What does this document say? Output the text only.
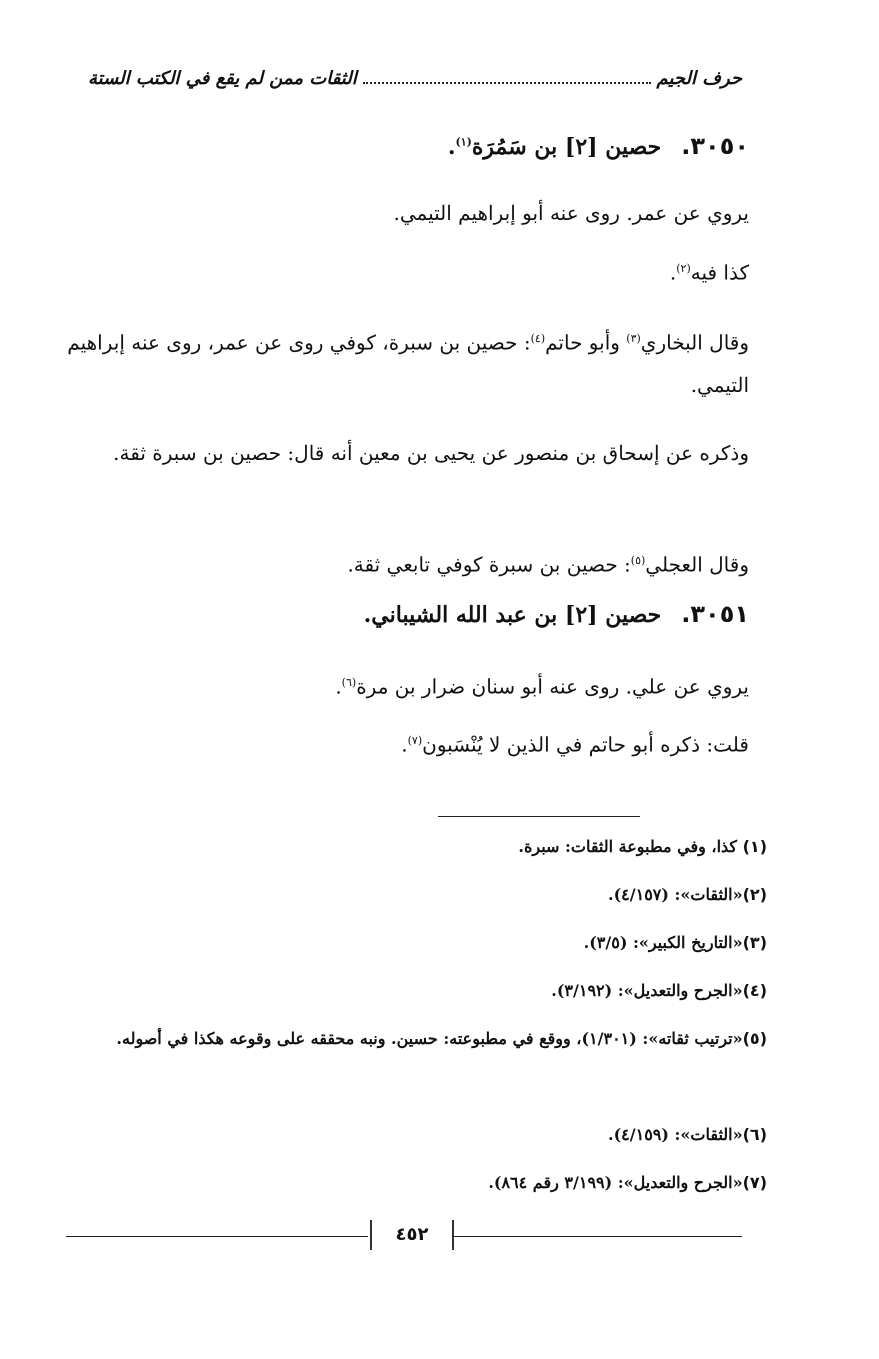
حرف الجيم
الثقات ممن لم يقع في الكتب الستة
٣٠٥٠.حصين [٢] بن سَمُرَة$^{(١)}$.
يروي عن عمر. روى عنه أبو إبراهيم التيمي.
كذا فيه$^{(٢)}$.
وقال البخاري$^{(٣)}$ وأبو حاتم$^{(٤)}$: حصين بن سبرة، كوفي روى عن عمر، روى عنه إبراهيم التيمي.
وذكره عن إسحاق بن منصور عن يحيى بن معين أنه قال: حصين بن سبرة ثقة.
وقال العجلي$^{(٥)}$: حصين بن سبرة كوفي تابعي ثقة.
٣٠٥١.حصين [٢] بن عبد الله الشيباني.
يروي عن علي. روى عنه أبو سنان ضرار بن مرة$^{(٦)}$.
قلت: ذكره أبو حاتم في الذين لا يُنْسَبون$^{(٧)}$.
(١) كذا، وفي مطبوعة الثقات: سبرة.
(٢)«الثقات»: (٤/١٥٧).
(٣)«التاريخ الكبير»: (٣/٥).
(٤)«الجرح والتعديل»: (٣/١٩٢).
(٥)«ترتيب ثقاته»: (١/٣٠١)، ووقع في مطبوعته: حسين. ونبه محققه على وقوعه هكذا في أصوله.
(٦)«الثقات»: (٤/١٥٩).
(٧)«الجرح والتعديل»: (٣/١٩٩ رقم ٨٦٤).
٤٥٢
